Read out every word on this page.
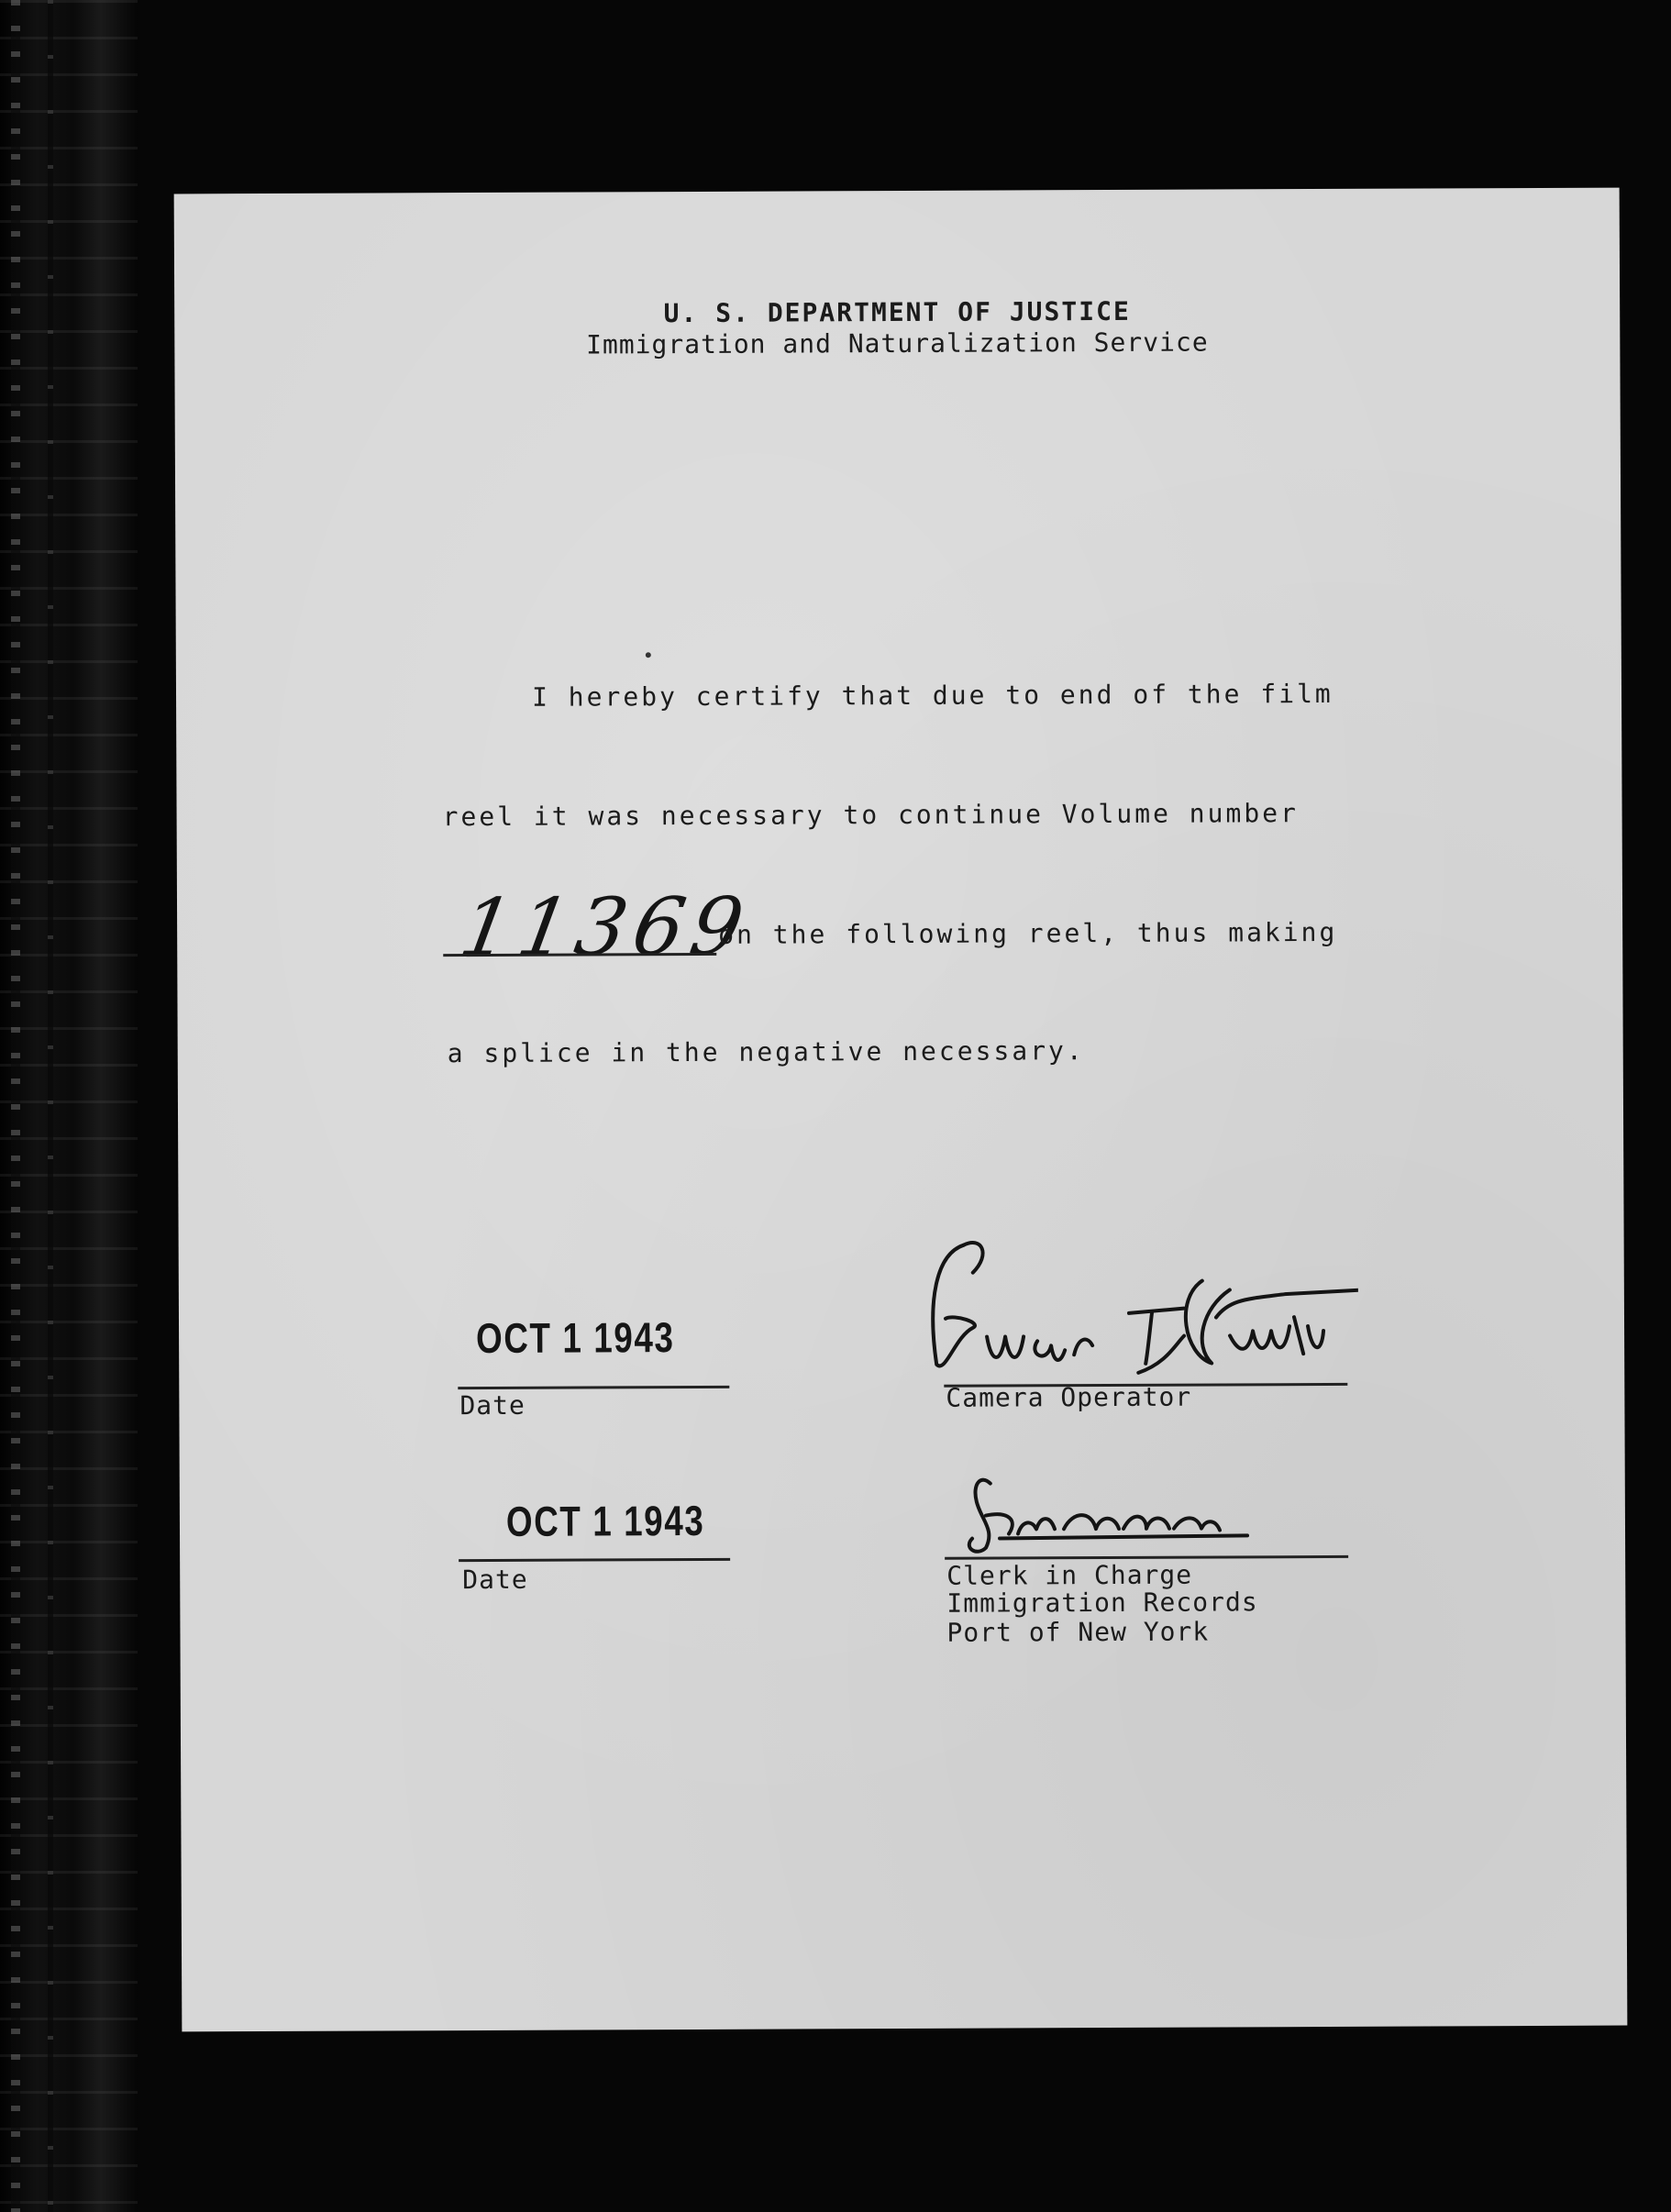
U. S. DEPARTMENT OF JUSTICE
Immigration and Naturalization Service
I hereby certify that due to end of the film
reel it was necessary to continue Volume number
11369
on the following reel, thus making
a splice in the negative necessary.
OCT 1 1943
Date	Camera Operator
OCT 1 1943
Date	Clerk in Charge
Immigration Records
Port of New York
